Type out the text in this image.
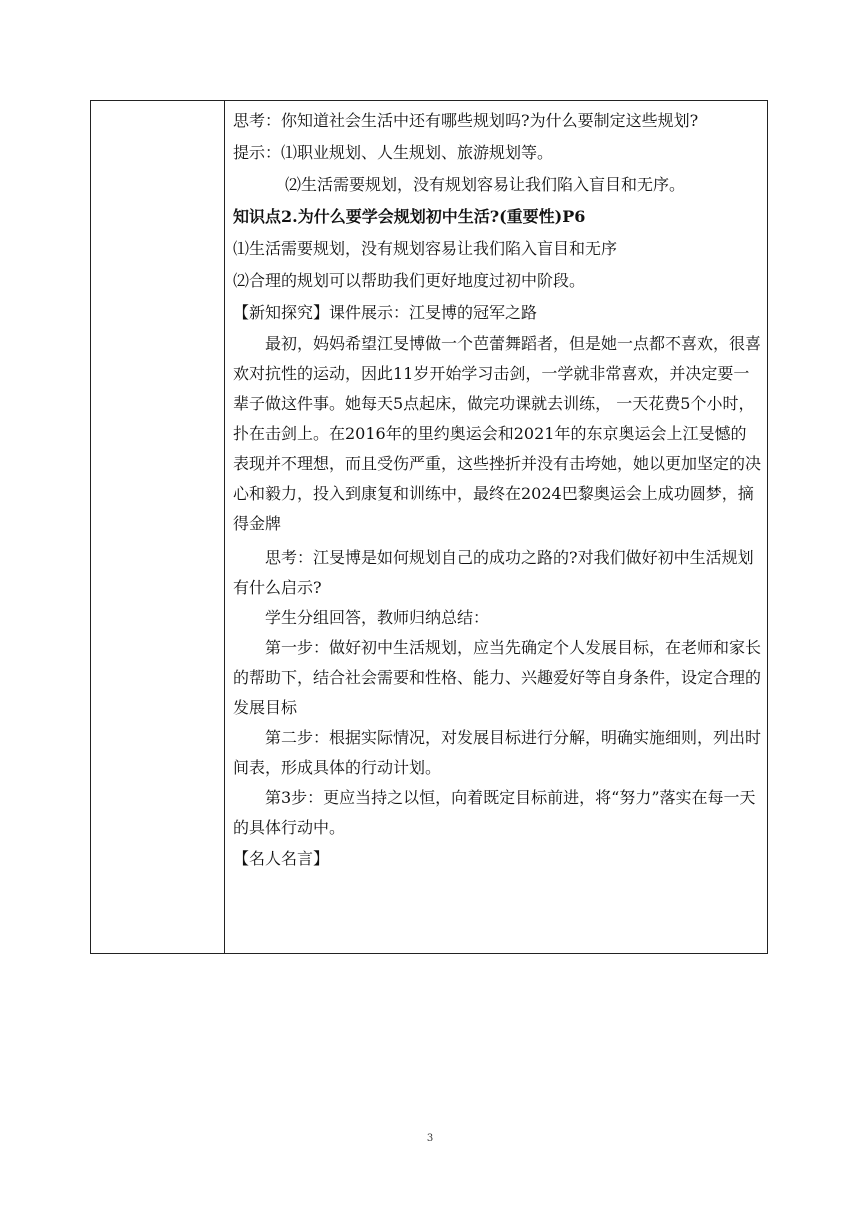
思考：你知道社会生活中还有哪些规划吗?为什么要制定这些规划?

提示：⑴职业规划、人生规划、旅游规划等。

⑵生活需要规划，没有规划容易让我们陷入盲目和无序。

知识点2.为什么要学会规划初中生活?(重要性)P6

⑴生活需要规划，没有规划容易让我们陷入盲目和无序

⑵合理的规划可以帮助我们更好地度过初中阶段。

【新知探究】课件展示：江旻博的冠军之路

最初，妈妈希望江旻博做一个芭蕾舞蹈者，但是她一点都不喜欢，很喜欢对抗性的运动，因此11岁开始学习击剑，一学就非常喜欢，并决定要一辈子做这件事。她每天5点起床，做完功课就去训练， 一天花费5个小时，扑在击剑上。在2016年的里约奥运会和2021年的东京奥运会上江旻憾的表现并不理想，而且受伤严重，这些挫折并没有击垮她，她以更加坚定的决心和毅力，投入到康复和训练中，最终在2024巴黎奥运会上成功圆梦，摘得金牌

思考：江旻博是如何规划自己的成功之路的?对我们做好初中生活规划有什么启示?

学生分组回答，教师归纳总结：

第一步：做好初中生活规划，应当先确定个人发展目标，在老师和家长的帮助下，结合社会需要和性格、能力、兴趣爱好等自身条件，设定合理的发展目标

第二步：根据实际情况，对发展目标进行分解，明确实施细则，列出时间表，形成具体的行动计划。

第3步：更应当持之以恒，向着既定目标前进，将“努力”落实在每一天的具体行动中。

【名人名言】

3
